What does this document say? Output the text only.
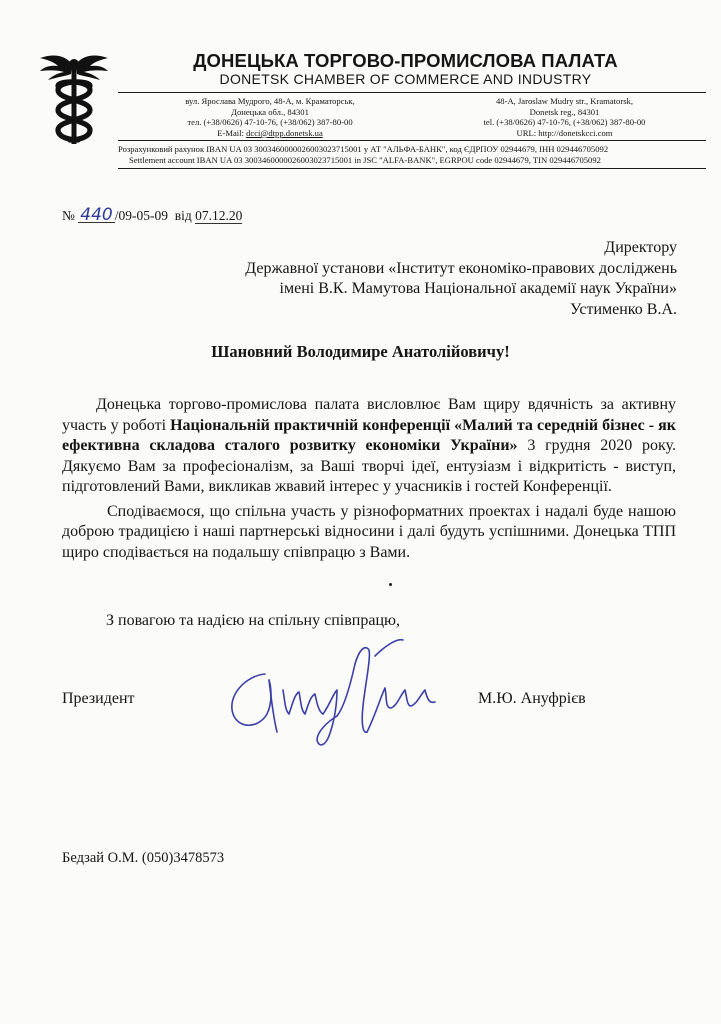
ДОНЕЦЬКА ТОРГОВО-ПРОМИСЛОВА ПАЛАТА
DONETSK CHAMBER OF COMMERCE AND INDUSTRY
вул. Ярослава Мудрого, 48-А, м. Краматорськ,
Донецька обл., 84301
тел. (+38/0626) 47-10-76, (+38/062) 387-80-00
E-Mail: dcci@dtpp.donetsk.ua
48-A, Jaroslaw Mudry str., Kramatorsk,
Donetsk reg., 84301
tel. (+38/0626) 47-10-76, (+38/062) 387-80-00
URL: http://donetskcci.com
Розрахунковий рахунок IBAN UA 03 3003460000026003023715001 у АТ "АЛЬФА-БАНК", код ЄДРПОУ 02944679, ІНН 029446705092
Settlement account IBAN UA 03 3003460000026003023715001 in JSC "ALFA-BANK", EGRPOU code 02944679, TIN 029446705092
№ 440 /09-05-09 від 07.12.20
Директору
Державної установи «Інститут економіко-правових досліджень
імені В.К. Мамутова Національної академії наук України»
Устименко В.А.
Шановний Володимире Анатолійовичу!

Донецька торгово-промислова палата висловлює Вам щиру вдячність за активну участь у роботі Національній практичній конференції «Малий та середній бізнес - як ефективна складова сталого розвитку економіки України» 3 грудня 2020 року. Дякуємо Вам за професіоналізм, за Ваші творчі ідеї, ентузіазм і відкритість - виступ, підготовлений Вами, викликав жвавий інтерес у учасників і гостей Конференції.

Сподіваємося, що спільна участь у різноформатних проектах і надалі буде нашою доброю традицією і наші партнерські відносини і далі будуть успішними. Донецька ТПП щиро сподівається на подальшу співпрацю з Вами.

З повагою та надією на спільну співпрацю,
Президент	М.Ю. Ануфрієв
Бедзай О.М. (050)3478573
